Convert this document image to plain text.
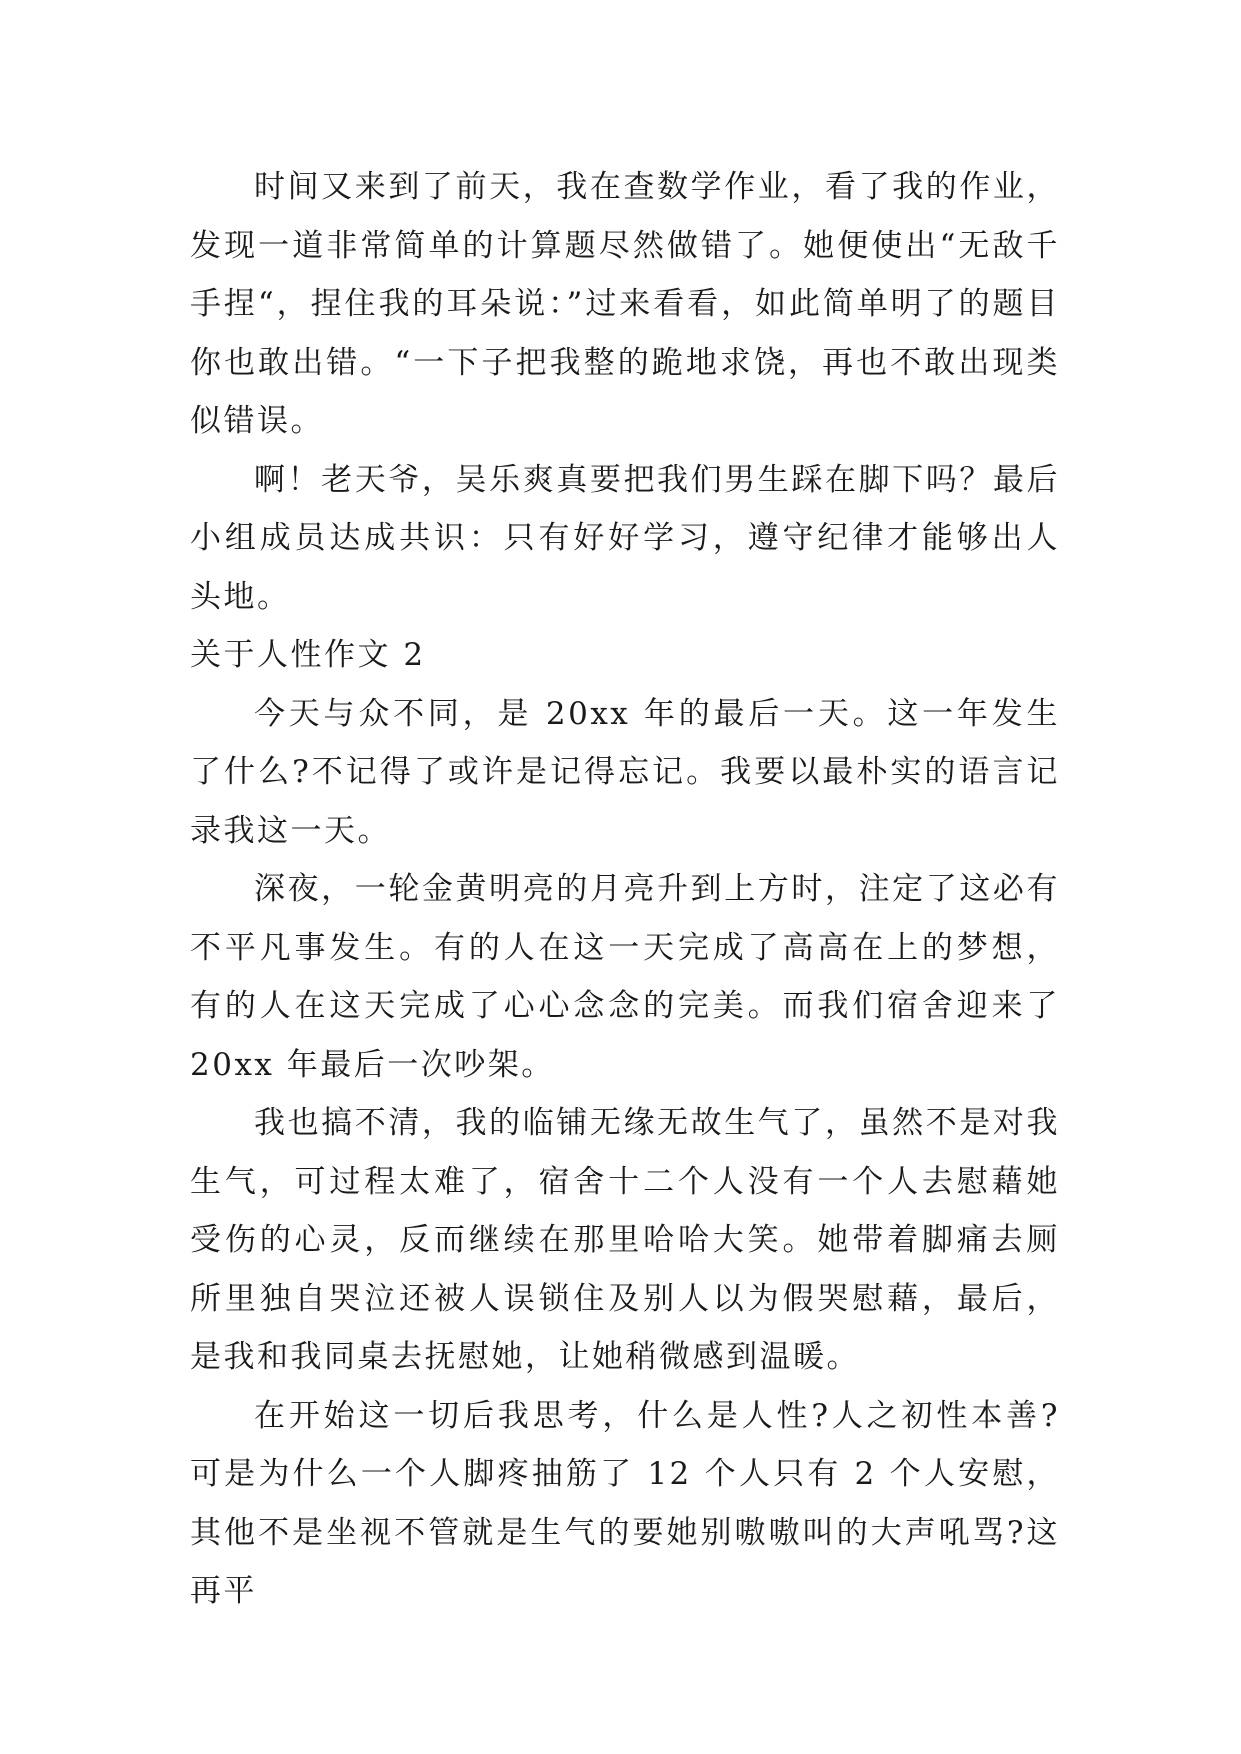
时间又来到了前天，我在查数学作业，看了我的作业，发现一道非常简单的计算题尽然做错了。她便使出“无敌千手捏“，捏住我的耳朵说：”过来看看，如此简单明了的题目你也敢出错。“一下子把我整的跪地求饶，再也不敢出现类似错误。

啊！老天爷，吴乐爽真要把我们男生踩在脚下吗？最后小组成员达成共识：只有好好学习，遵守纪律才能够出人头地。

关于人性作文 2

今天与众不同，是 20xx 年的最后一天。这一年发生了什么?不记得了或许是记得忘记。我要以最朴实的语言记录我这一天。

深夜，一轮金黄明亮的月亮升到上方时，注定了这必有不平凡事发生。有的人在这一天完成了高高在上的梦想，有的人在这天完成了心心念念的完美。而我们宿舍迎来了 20xx 年最后一次吵架。

我也搞不清，我的临铺无缘无故生气了，虽然不是对我生气，可过程太难了，宿舍十二个人没有一个人去慰藉她受伤的心灵，反而继续在那里哈哈大笑。她带着脚痛去厕所里独自哭泣还被人误锁住及别人以为假哭慰藉，最后，是我和我同桌去抚慰她，让她稍微感到温暖。

在开始这一切后我思考，什么是人性?人之初性本善?可是为什么一个人脚疼抽筋了 12 个人只有 2 个人安慰，其他不是坐视不管就是生气的要她别嗷嗷叫的大声吼骂?这再平
